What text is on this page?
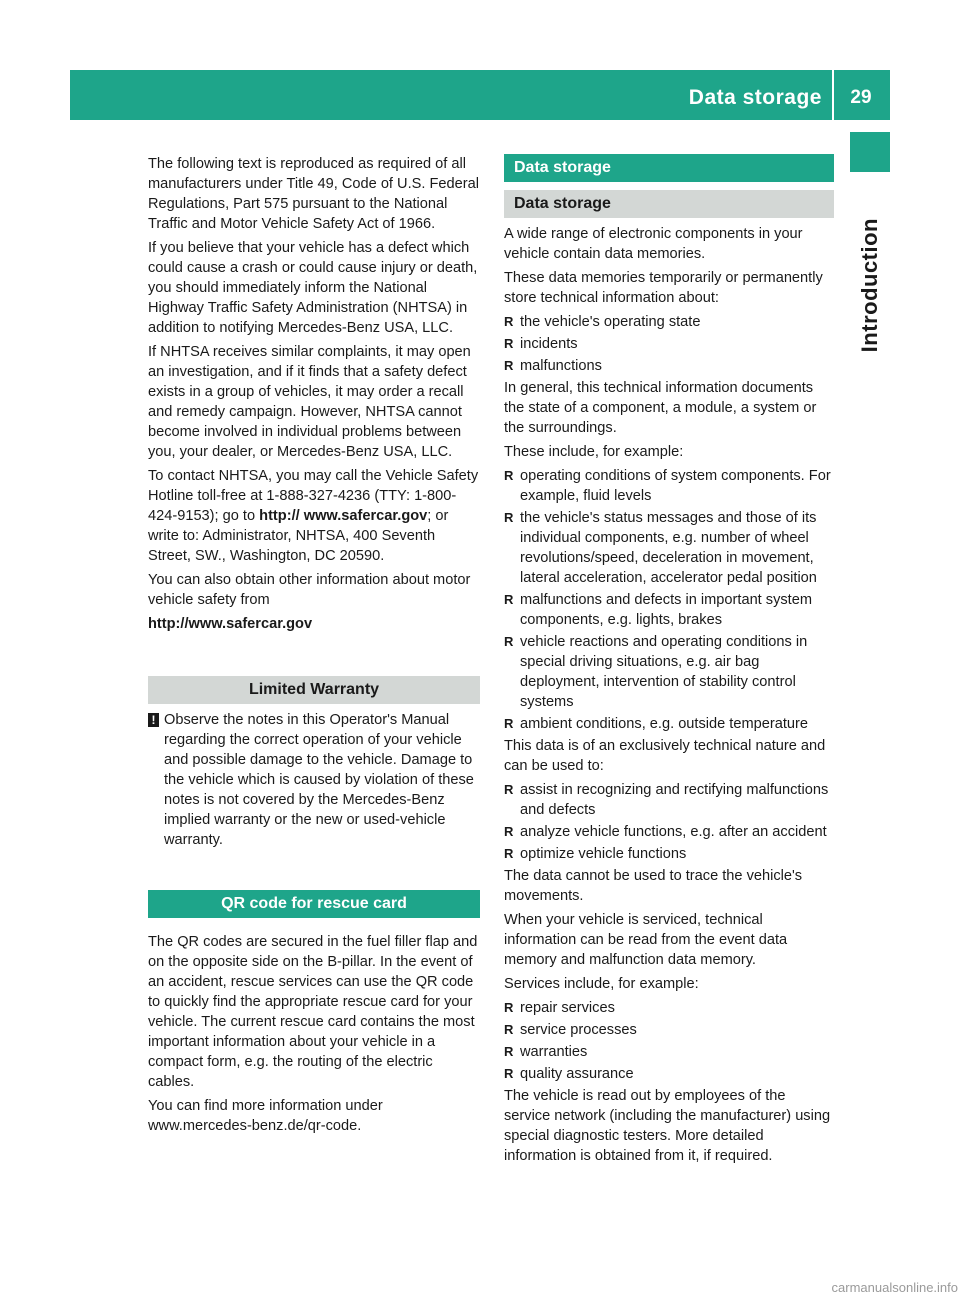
Data storage	29
Introduction

The following text is reproduced as required of all manufacturers under Title 49, Code of U.S. Federal Regulations, Part 575 pursuant to the National Traffic and Motor Vehicle Safety Act of 1966.

If you believe that your vehicle has a defect which could cause a crash or could cause injury or death, you should immediately inform the National Highway Traffic Safety Administration (NHTSA) in addition to notifying Mercedes-Benz USA, LLC.

If NHTSA receives similar complaints, it may open an investigation, and if it finds that a safety defect exists in a group of vehicles, it may order a recall and remedy campaign. However, NHTSA cannot become involved in individual problems between you, your dealer, or Mercedes-Benz USA, LLC.

To contact NHTSA, you may call the Vehicle Safety Hotline toll-free at 1-888-327-4236 (TTY: 1-800-424-9153); go to http:// www.safercar.gov; or write to: Administrator, NHTSA, 400 Seventh Street, SW., Washington, DC 20590.

You can also obtain other information about motor vehicle safety from

http://www.safercar.gov

Limited Warranty
! Observe the notes in this Operator's Manual regarding the correct operation of your vehicle and possible damage to the vehicle. Damage to the vehicle which is caused by violation of these notes is not covered by the Mercedes-Benz implied warranty or the new or used-vehicle warranty.
QR code for rescue card

The QR codes are secured in the fuel filler flap and on the opposite side on the B-pillar. In the event of an accident, rescue services can use the QR code to quickly find the appropriate rescue card for your vehicle. The current rescue card contains the most important information about your vehicle in a compact form, e.g. the routing of the electric cables.

You can find more information under www.mercedes-benz.de/qr-code.

Data storage
Data storage

A wide range of electronic components in your vehicle contain data memories.

These data memories temporarily or permanently store technical information about:

R the vehicle's operating state
R incidents
R malfunctions

In general, this technical information documents the state of a component, a module, a system or the surroundings.

These include, for example:

R operating conditions of system components. For example, fluid levels
R the vehicle's status messages and those of its individual components, e.g. number of wheel revolutions/speed, deceleration in movement, lateral acceleration, accelerator pedal position
R malfunctions and defects in important system components, e.g. lights, brakes
R vehicle reactions and operating conditions in special driving situations, e.g. air bag deployment, intervention of stability control systems
R ambient conditions, e.g. outside temperature

This data is of an exclusively technical nature and can be used to:

R assist in recognizing and rectifying malfunctions and defects
R analyze vehicle functions, e.g. after an accident
R optimize vehicle functions

The data cannot be used to trace the vehicle's movements.

When your vehicle is serviced, technical information can be read from the event data memory and malfunction data memory.

Services include, for example:

R repair services
R service processes
R warranties
R quality assurance

The vehicle is read out by employees of the service network (including the manufacturer) using special diagnostic testers. More detailed information is obtained from it, if required.

carmanualsonline.info
